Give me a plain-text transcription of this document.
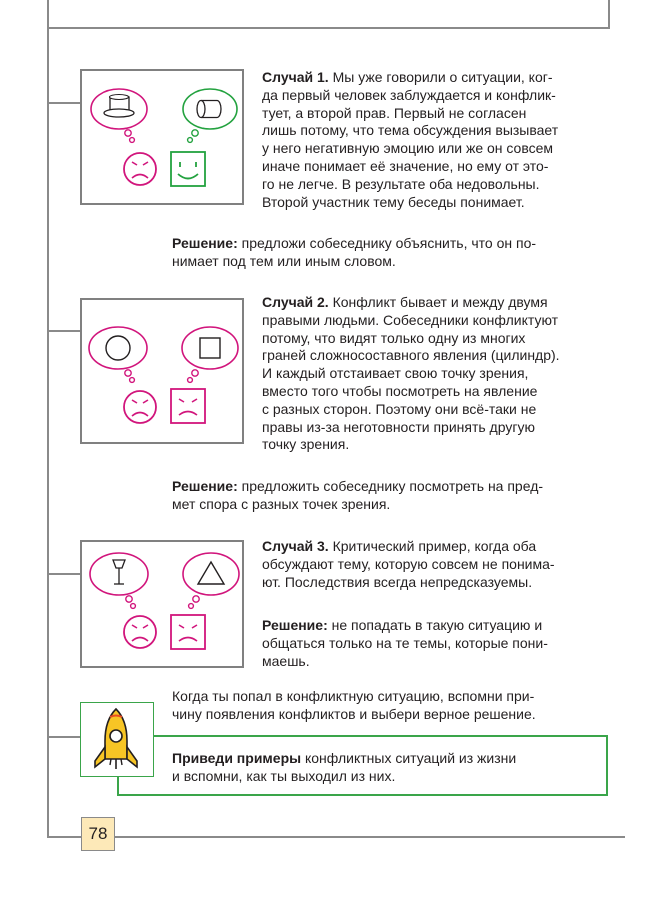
Случай 1. Мы уже говорили о ситуации, ког-
да первый человек заблуждается и конфлик-
тует, а второй прав. Первый не согласен
лишь потому, что тема обсуждения вызывает
у него негативную эмоцию или же он совсем
иначе понимает её значение, но ему от это-
го не легче. В результате оба недовольны.
Второй участник тему беседы понимает.
Решение: предложи собеседнику объяснить, что он по-
нимает под тем или иным словом.
Случай 2. Конфликт бывает и между двумя
правыми людьми. Собеседники конфликтуют
потому, что видят только одну из многих
граней сложносоставного явления (цилиндр).
И каждый отстаивает свою точку зрения,
вместо того чтобы посмотреть на явление
с разных сторон. Поэтому они всё-таки не
правы из-за неготовности принять другую
точку зрения.
Решение: предложить собеседнику посмотреть на пред-
мет спора с разных точек зрения.
Случай 3. Критический пример, когда оба
обсуждают тему, которую совсем не понима-
ют. Последствия всегда непредсказуемы.
Решение: не попадать в такую ситуацию и
общаться только на те темы, которые пони-
маешь.
Когда ты попал в конфликтную ситуацию, вспомни при-
чину появления конфликтов и выбери верное решение.
Приведи примеры конфликтных ситуаций из жизни
и вспомни, как ты выходил из них.
78
